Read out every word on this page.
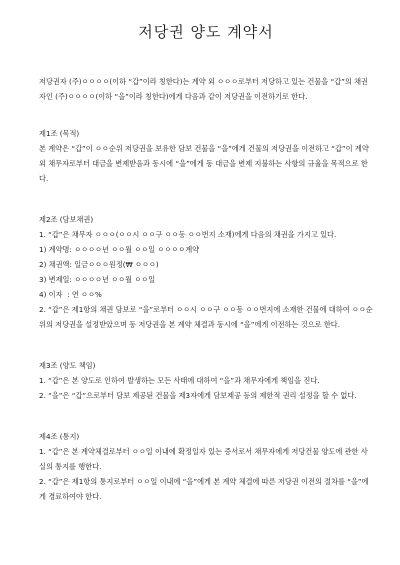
저당권 양도 계약서

저당권자 (주)ㅇㅇㅇㅇ(이하 “갑”이라 칭한다)는 계약 외 ㅇㅇㅇ로부터 저당하고 있는 건물을 “갑”의 채권자인 (주)ㅇㅇㅇㅇ(이하 “을”이라 칭한다)에게 다음과 같이 저당권을 이전하기로 한다.

제1조 (목적)

본 계약은 “갑”이 ㅇㅇ순위 저당권을 보유한 담보 건물을 “을”에게 건물의 저당권을 이전하고 “갑”이 계약 외 채무자로부터 대금을 변제받음과 동시에 “을”에게 동 대금을 변제 지불하는 사항의 규율을 목적으로 한다.

제2조 (담보채권)

1. “갑”은 채무자 ㅇㅇㅇ(ㅇㅇ시 ㅇㅇ구 ㅇㅇ동 ㅇㅇ번지 소재)에게 다음의 채권을 가지고 있다.

1) 계약명: ㅇㅇㅇㅇ년 ㅇㅇ월 ㅇㅇ일 ㅇㅇㅇㅇ계약

2) 채권액: 일금ㅇㅇㅇ원정(₩ ㅇㅇㅇ)

3) 변제일: ㅇㅇㅇㅇ년 ㅇㅇ월 ㅇㅇ일

4) 이자  : 연 ㅇㅇ%

2. “갑”은 제1항의 채권 담보로 “을”로부터 ㅇㅇ시 ㅇㅇ구 ㅇㅇ동 ㅇㅇ번지에 소재한 건물에 대하여 ㅇㅇ순위의 저당권을 설정받았으며 동 저당권을 본 계약 체결과 동시에 “을”에게 이전하는 것으로 한다.

제3조 (양도 책임)

1. “갑”은 본 양도로 인하여 발생하는 모든 사태에 대하여 “을”과 채무자에게 책임을 진다.

2. “을”은 “갑”으로부터 담보 제공된 건물을 제3자에게 담보제공 등의 제한적 권리 설정을 할 수 없다.

제4조 (통지)

1. “갑”은 본 계약체결로부터 ㅇㅇ일 이내에 확정일자 있는 증서로서 채무자에게 저당건물 양도에 관한 사실의 통지를 행한다.

2. “갑”은 제1항의 통지로부터 ㅇㅇ일 이내에 “을”에게 본 계약 체결에 따른 저당권 이전의 절차를 “을”에게 경료하여야 한다.
